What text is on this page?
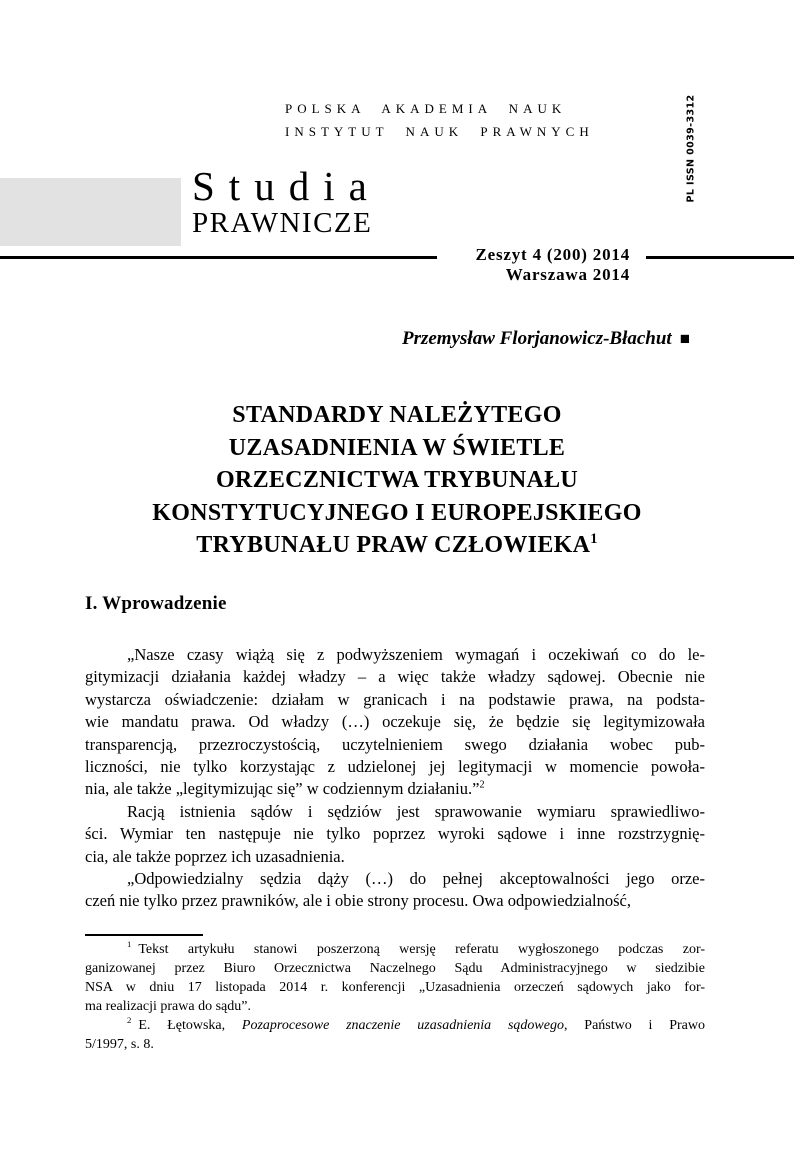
POLSKA AKADEMIA NAUK
INSTYTUT NAUK PRAWNYCH
Studia
PRAWNICZE
PL ISSN 0039-3312
Zeszyt 4 (200) 2014
Warszawa 2014
Przemysław Florjanowicz-Błachut ■
STANDARDY NALEŻYTEGO
UZASADNIENIA W ŚWIETLE
ORZECZNICTWA TRYBUNAŁU
KONSTYTUCYJNEGO I EUROPEJSKIEGO
TRYBUNAŁU PRAW CZŁOWIEKA$^1$
I. Wprowadzenie
„Nasze czasy wiążą się z podwyższeniem wymagań i oczekiwań co do le-
gitymizacji działania każdej władzy – a więc także władzy sądowej. Obecnie nie
wystarcza oświadczenie: działam w granicach i na podstawie prawa, na podsta-
wie mandatu prawa. Od władzy (…) oczekuje się, że będzie się legitymizowała
transparencją, przezroczystością, uczytelnieniem swego działania wobec pub-
liczności, nie tylko korzystając z udzielonej jej legitymacji w momencie powoła-
nia, ale także „legitymizując się” w codziennym działaniu.”$^2$
Racją istnienia sądów i sędziów jest sprawowanie wymiaru sprawiedliwo-
ści. Wymiar ten następuje nie tylko poprzez wyroki sądowe i inne rozstrzygnię-
cia, ale także poprzez ich uzasadnienia.
„Odpowiedzialny sędzia dąży (…) do pełnej akceptowalności jego orze-
czeń nie tylko przez prawników, ale i obie strony procesu. Owa odpowiedzialność,
$^1$ Tekst artykułu stanowi poszerzoną wersję referatu wygłoszonego podczas zor-
ganizowanej przez Biuro Orzecznictwa Naczelnego Sądu Administracyjnego w siedzibie
NSA w dniu 17 listopada 2014 r. konferencji „Uzasadnienia orzeczeń sądowych jako for-
ma realizacji prawa do sądu”.
$^2$ E. Łętowska, Pozaprocesowe znaczenie uzasadnienia sądowego, Państwo i Prawo
5/1997, s. 8.
